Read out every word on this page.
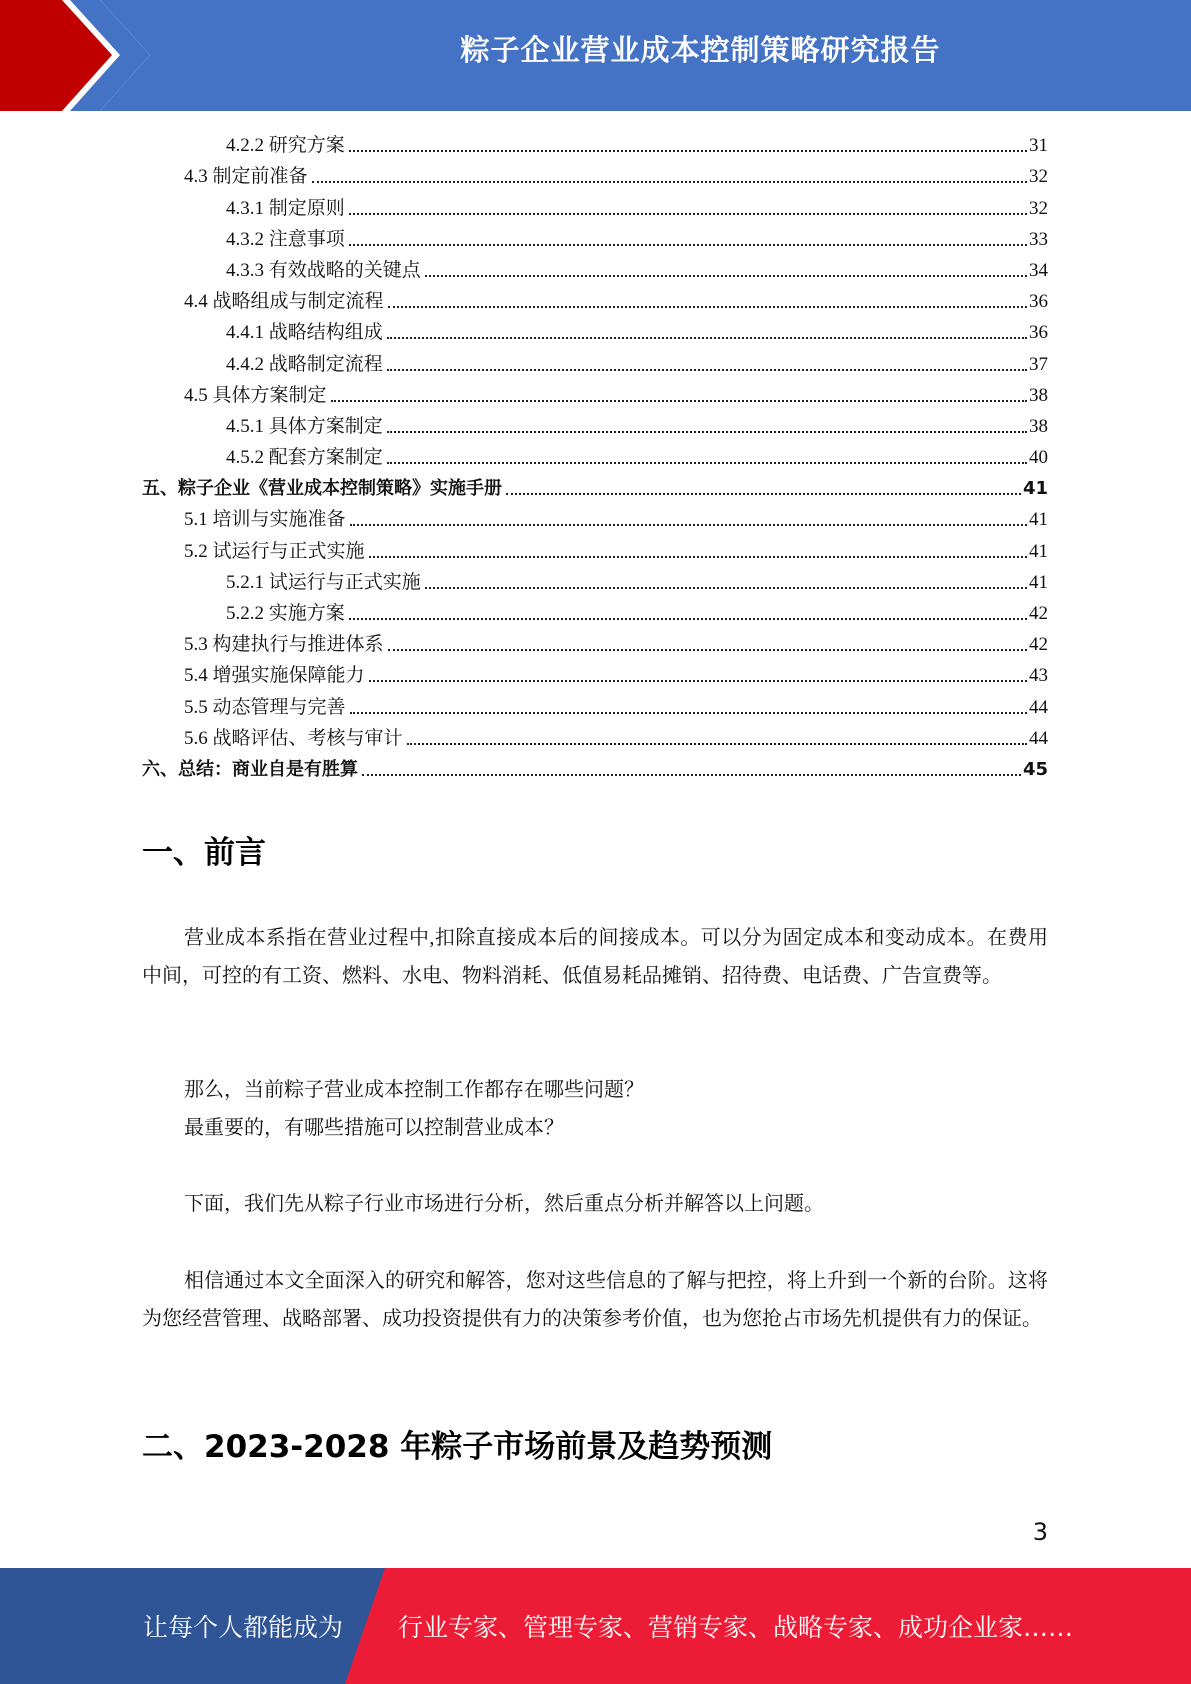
粽子企业营业成本控制策略研究报告
4.2.2 研究方案	31
4.3 制定前准备	32
4.3.1 制定原则	32
4.3.2 注意事项	33
4.3.3 有效战略的关键点	34
4.4 战略组成与制定流程	36
4.4.1 战略结构组成	36
4.4.2 战略制定流程	37
4.5 具体方案制定	38
4.5.1 具体方案制定	38
4.5.2 配套方案制定	40
五、粽子企业《营业成本控制策略》实施手册	41
5.1 培训与实施准备	41
5.2 试运行与正式实施	41
5.2.1 试运行与正式实施	41
5.2.2 实施方案	42
5.3 构建执行与推进体系	42
5.4 增强实施保障能力	43
5.5 动态管理与完善	44
5.6 战略评估、考核与审计	44
六、总结：商业自是有胜算	45
一、前言
营业成本系指在营业过程中,扣除直接成本后的间接成本。可以分为固定成本和变动成本。在费用中间，可控的有工资、燃料、水电、物料消耗、低值易耗品摊销、招待费、电话费、广告宣费等。
那么，当前粽子营业成本控制工作都存在哪些问题？
最重要的，有哪些措施可以控制营业成本？
下面，我们先从粽子行业市场进行分析，然后重点分析并解答以上问题。
相信通过本文全面深入的研究和解答，您对这些信息的了解与把控，将上升到一个新的台阶。这将为您经营管理、战略部署、成功投资提供有力的决策参考价值，也为您抢占市场先机提供有力的保证。
二、2023-2028 年粽子市场前景及趋势预测
3
让每个人都能成为 行业专家、管理专家、营销专家、战略专家、成功企业家……
